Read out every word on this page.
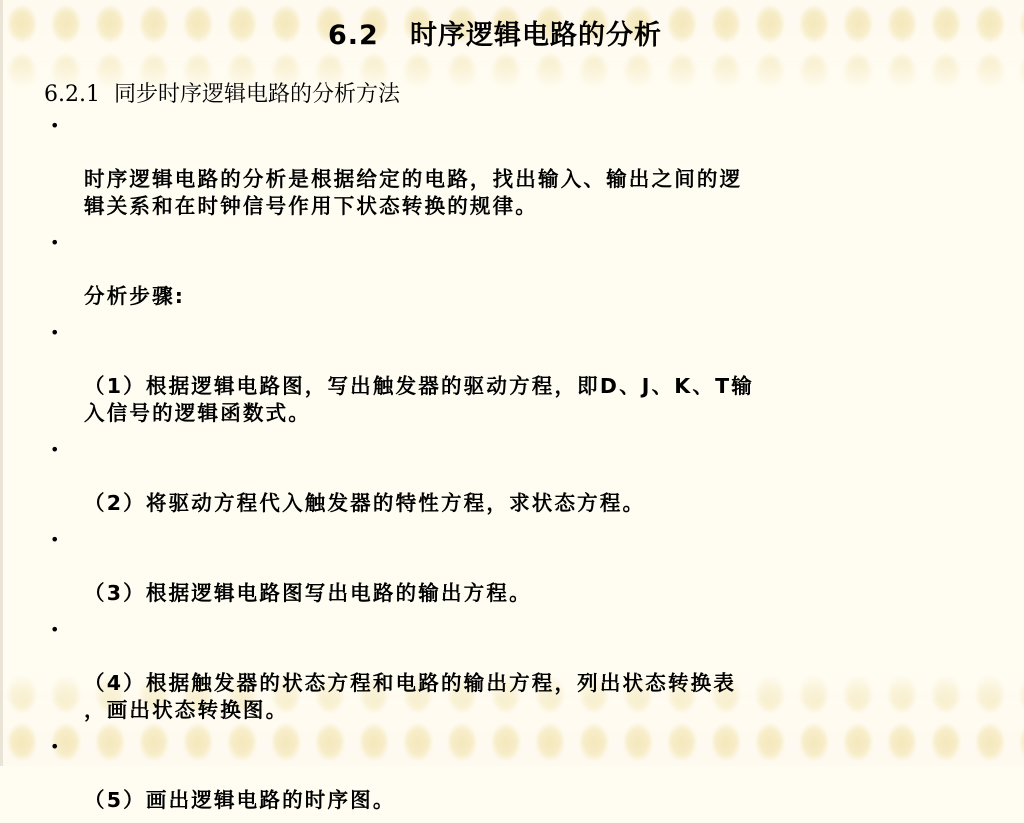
6.2   时序逻辑电路的分析
6.2.1  同步时序逻辑电路的分析方法

•

时序逻辑电路的分析是根据给定的电路，找出输入、输出之间的逻
辑关系和在时钟信号作用下状态转换的规律。

•

分析步骤:

•

（1）根据逻辑电路图，写出触发器的驱动方程，即D、J、K、T输
入信号的逻辑函数式。

•

（2）将驱动方程代入触发器的特性方程，求状态方程。

•

（3）根据逻辑电路图写出电路的输出方程。

•

（4）根据触发器的状态方程和电路的输出方程，列出状态转换表
，画出状态转换图。

•

（5）画出逻辑电路的时序图。
